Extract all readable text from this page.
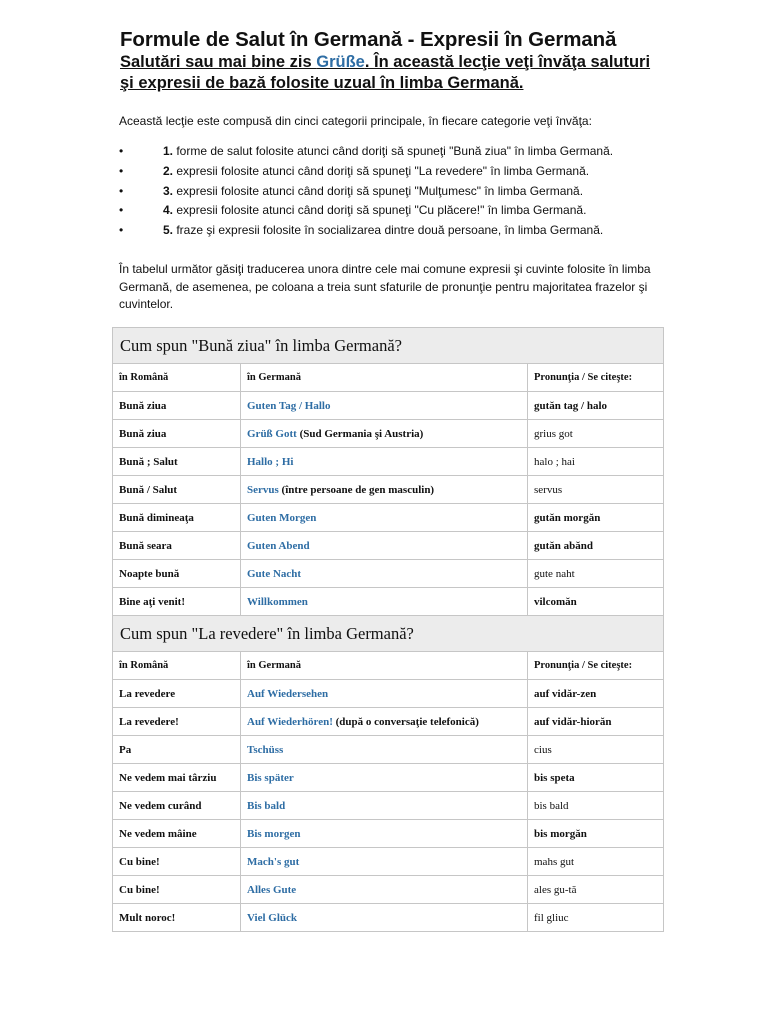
Formule de Salut în Germană - Expresii în Germană
Salutări sau mai bine zis Grüße. În această lecţie veţi învăţa saluturi şi expresii de bază folosite uzual în limba Germană.
Această lecţie este compusă din cinci categorii principale, în fiecare categorie veţi învăţa:
•	1. forme de salut folosite atunci când doriţi să spuneţi "Bună ziua" în limba Germană.
•	2. expresii folosite atunci când doriţi să spuneţi "La revedere" în limba Germană.
•	3. expresii folosite atunci când doriţi să spuneţi "Mulţumesc" în limba Germană.
•	4. expresii folosite atunci când doriţi să spuneţi "Cu plăcere!" în limba Germană.
•	5. fraze şi expresii folosite în socializarea dintre două persoane, în limba Germană.
În tabelul următor găsiţi traducerea unora dintre cele mai comune expresii şi cuvinte folosite în limba Germană, de asemenea, pe coloana a treia sunt sfaturile de pronunţie pentru majoritatea frazelor şi cuvintelor.
Cum spun "Bună ziua" în limba Germană?		
în Română	în Germană	Pronunţia / Se citeşte:
Bună ziua	Guten Tag / Hallo	gutăn tag / halo
Bună ziua	Grüß Gott (Sud Germania şi Austria)	grius got
Bună ; Salut	Hallo ; Hi	halo ; hai
Bună / Salut	Servus (între persoane de gen masculin)	servus
Bună dimineaţa	Guten Morgen	gutăn morgăn
Bună seara	Guten Abend	gutăn abănd
Noapte bună	Gute Nacht	gute naht
Bine aţi venit!	Willkommen	vilcomăn
Cum spun "La revedere" în limba Germană?		
în Română	în Germană	Pronunţia / Se citeşte:
La revedere	Auf Wiedersehen	auf vidăr-zen
La revedere!	Auf Wiederhören! (după o conversaţie telefonică)	auf vidăr-hiorăn
Pa	Tschüss	cius
Ne vedem mai târziu	Bis später	bis speta
Ne vedem curând	Bis bald	bis bald
Ne vedem mâine	Bis morgen	bis morgăn
Cu bine!	Mach's gut	mahs gut
Cu bine!	Alles Gute	ales gu-tă
Mult noroc!	Viel Glück	fil gliuc
